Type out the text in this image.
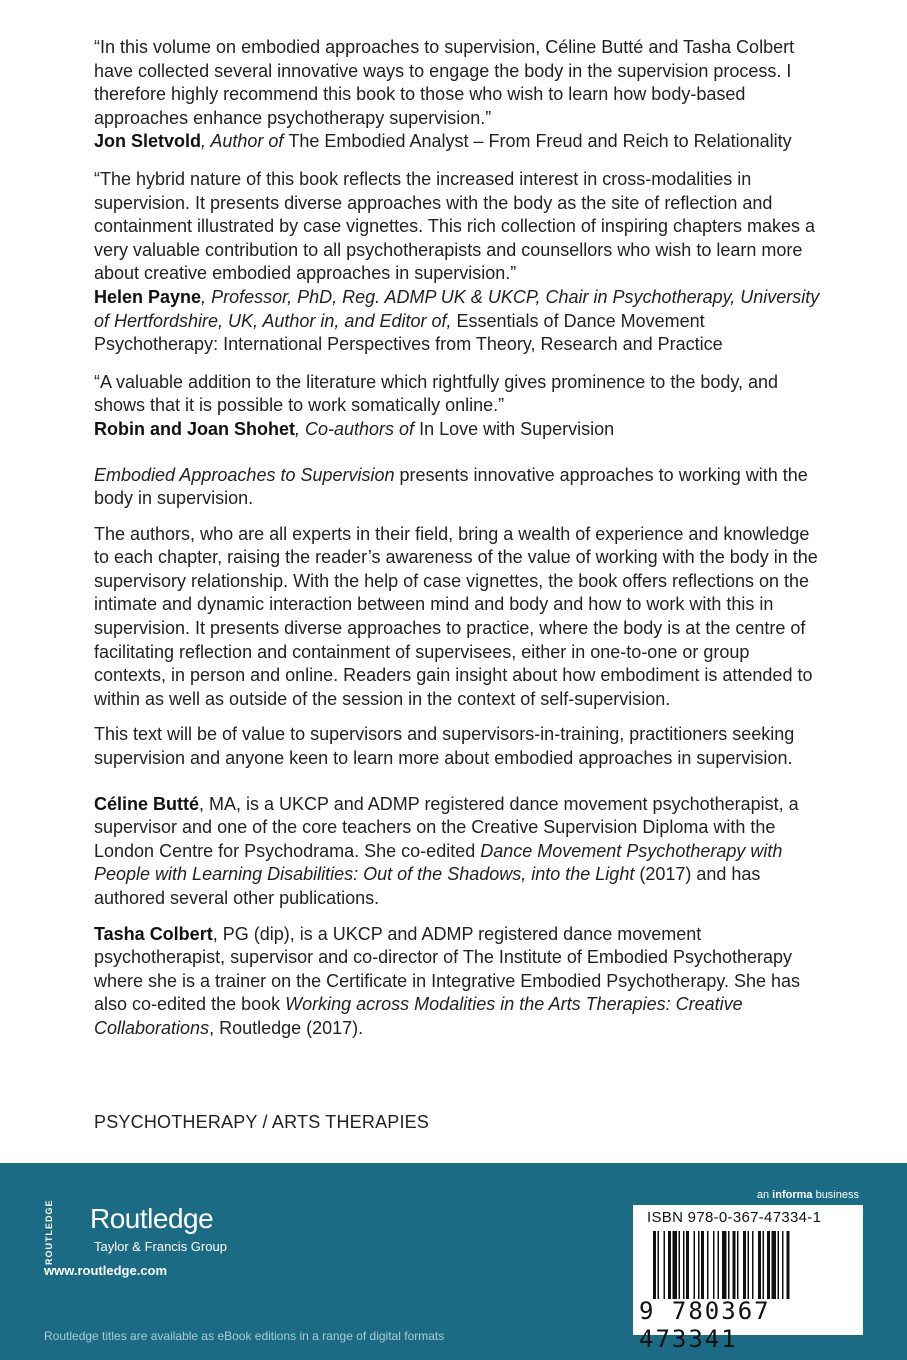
“In this volume on embodied approaches to supervision, Céline Butté and Tasha Colbert have collected several innovative ways to engage the body in the supervision process. I therefore highly recommend this book to those who wish to learn how body-based approaches enhance psychotherapy supervision.”
Jon Sletvold, Author of The Embodied Analyst – From Freud and Reich to Relationality

“The hybrid nature of this book reflects the increased interest in cross-modalities in supervision. It presents diverse approaches with the body as the site of reflection and containment illustrated by case vignettes. This rich collection of inspiring chapters makes a very valuable contribution to all psychotherapists and counsellors who wish to learn more about creative embodied approaches in supervision.”
Helen Payne, Professor, PhD, Reg. ADMP UK & UKCP, Chair in Psychotherapy, University of Hertfordshire, UK, Author in, and Editor of, Essentials of Dance Movement Psychotherapy: International Perspectives from Theory, Research and Practice

“A valuable addition to the literature which rightfully gives prominence to the body, and shows that it is possible to work somatically online.”
Robin and Joan Shohet, Co-authors of In Love with Supervision

Embodied Approaches to Supervision presents innovative approaches to working with the body in supervision.

The authors, who are all experts in their field, bring a wealth of experience and knowledge to each chapter, raising the reader’s awareness of the value of working with the body in the supervisory relationship. With the help of case vignettes, the book offers reflections on the intimate and dynamic interaction between mind and body and how to work with this in supervision. It presents diverse approaches to practice, where the body is at the centre of facilitating reflection and containment of supervisees, either in one-to-one or group contexts, in person and online. Readers gain insight about how embodiment is attended to within as well as outside of the session in the context of self-supervision.

This text will be of value to supervisors and supervisors-in-training, practitioners seeking supervision and anyone keen to learn more about embodied approaches in supervision.

Céline Butté, MA, is a UKCP and ADMP registered dance movement psychotherapist, a supervisor and one of the core teachers on the Creative Supervision Diploma with the London Centre for Psychodrama. She co-edited Dance Movement Psychotherapy with People with Learning Disabilities: Out of the Shadows, into the Light (2017) and has authored several other publications.

Tasha Colbert, PG (dip), is a UKCP and ADMP registered dance movement psychotherapist, supervisor and co-director of The Institute of Embodied Psychotherapy where she is a trainer on the Certificate in Integrative Embodied Psychotherapy. She has also co-edited the book Working across Modalities in the Arts Therapies: Creative Collaborations, Routledge (2017).

PSYCHOTHERAPY / ARTS THERAPIES
ROUTLEDGE	Routledge
Taylor & Francis Group
www.routledge.com
Routledge titles are available as eBook editions in a range of digital formats
an informa business
ISBN 978-0-367-47334-1
9 780367 473341
